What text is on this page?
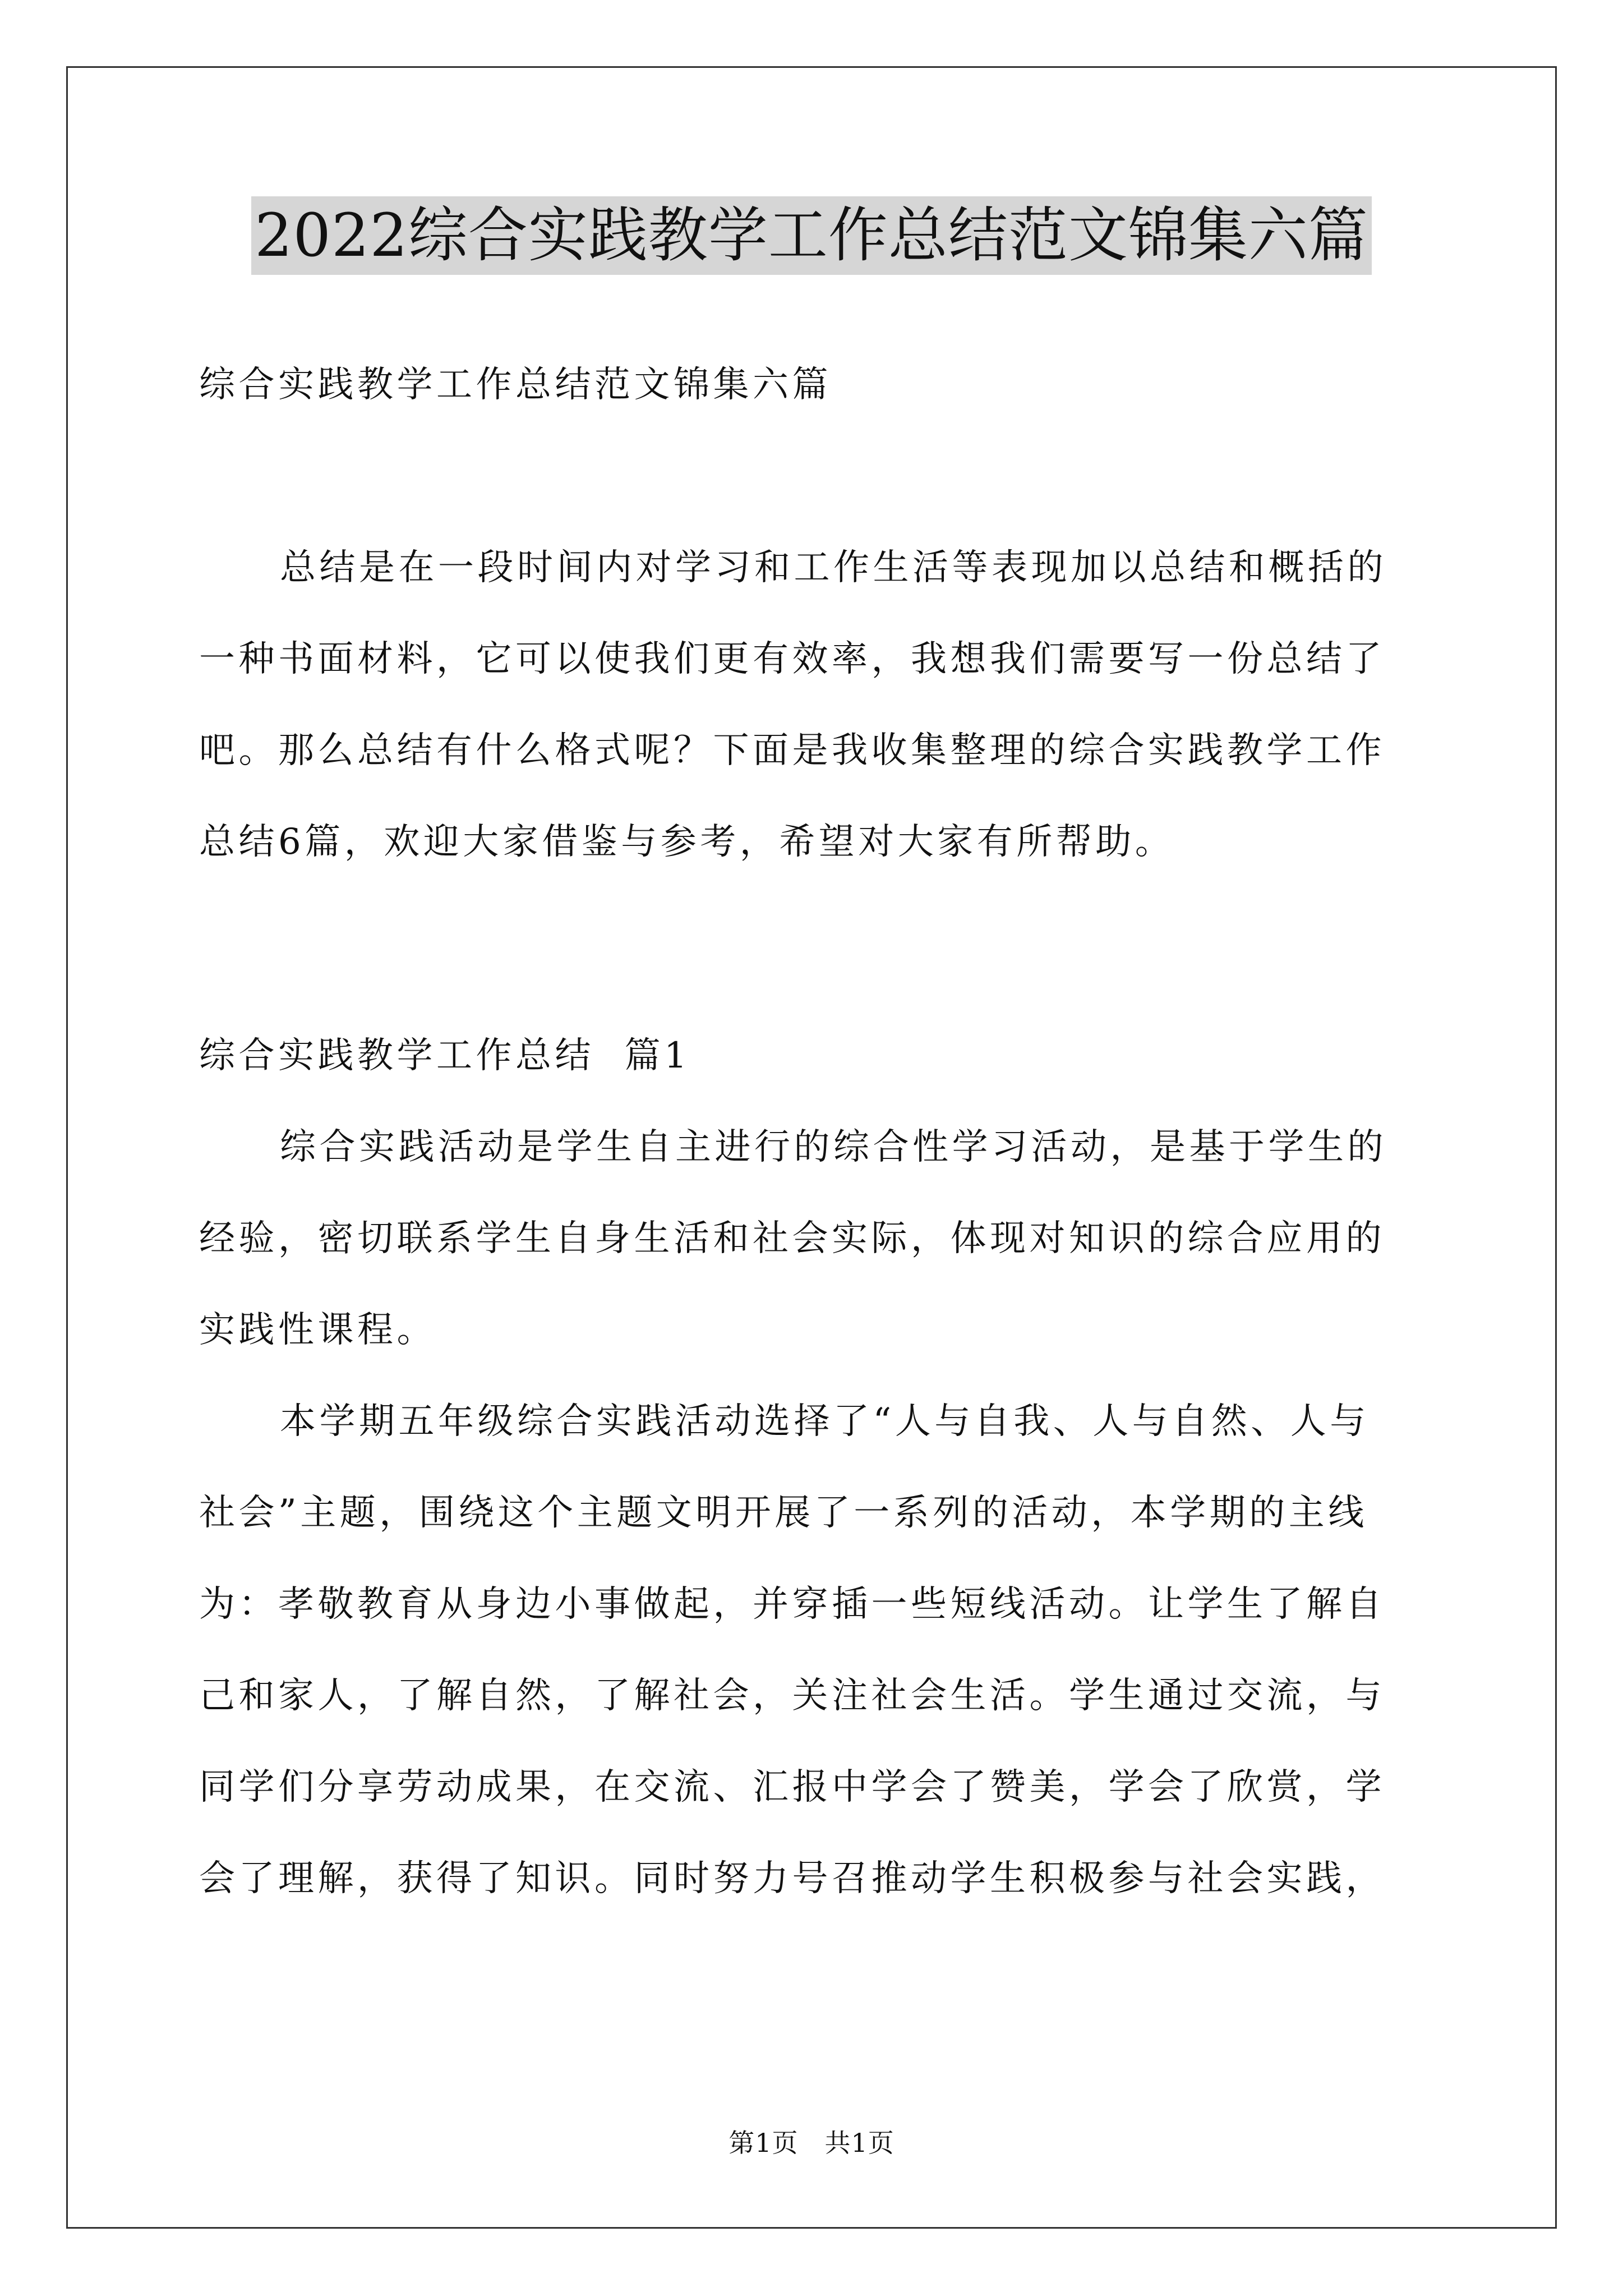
2022综合实践教学工作总结范文锦集六篇
综合实践教学工作总结范文锦集六篇
总结是在一段时间内对学习和工作生活等表现加以总结和概括的
一种书面材料，它可以使我们更有效率，我想我们需要写一份总结了
吧。那么总结有什么格式呢？下面是我收集整理的综合实践教学工作
总结6篇，欢迎大家借鉴与参考，希望对大家有所帮助。
综合实践教学工作总结  篇1
综合实践活动是学生自主进行的综合性学习活动，是基于学生的
经验，密切联系学生自身生活和社会实际，体现对知识的综合应用的
实践性课程。
本学期五年级综合实践活动选择了“人与自我、人与自然、人与
社会”主题，围绕这个主题文明开展了一系列的活动，本学期的主线
为：孝敬教育从身边小事做起，并穿插一些短线活动。让学生了解自
己和家人，了解自然，了解社会，关注社会生活。学生通过交流，与
同学们分享劳动成果，在交流、汇报中学会了赞美，学会了欣赏，学
会了理解，获得了知识。同时努力号召推动学生积极参与社会实践，
第1页 共1页
